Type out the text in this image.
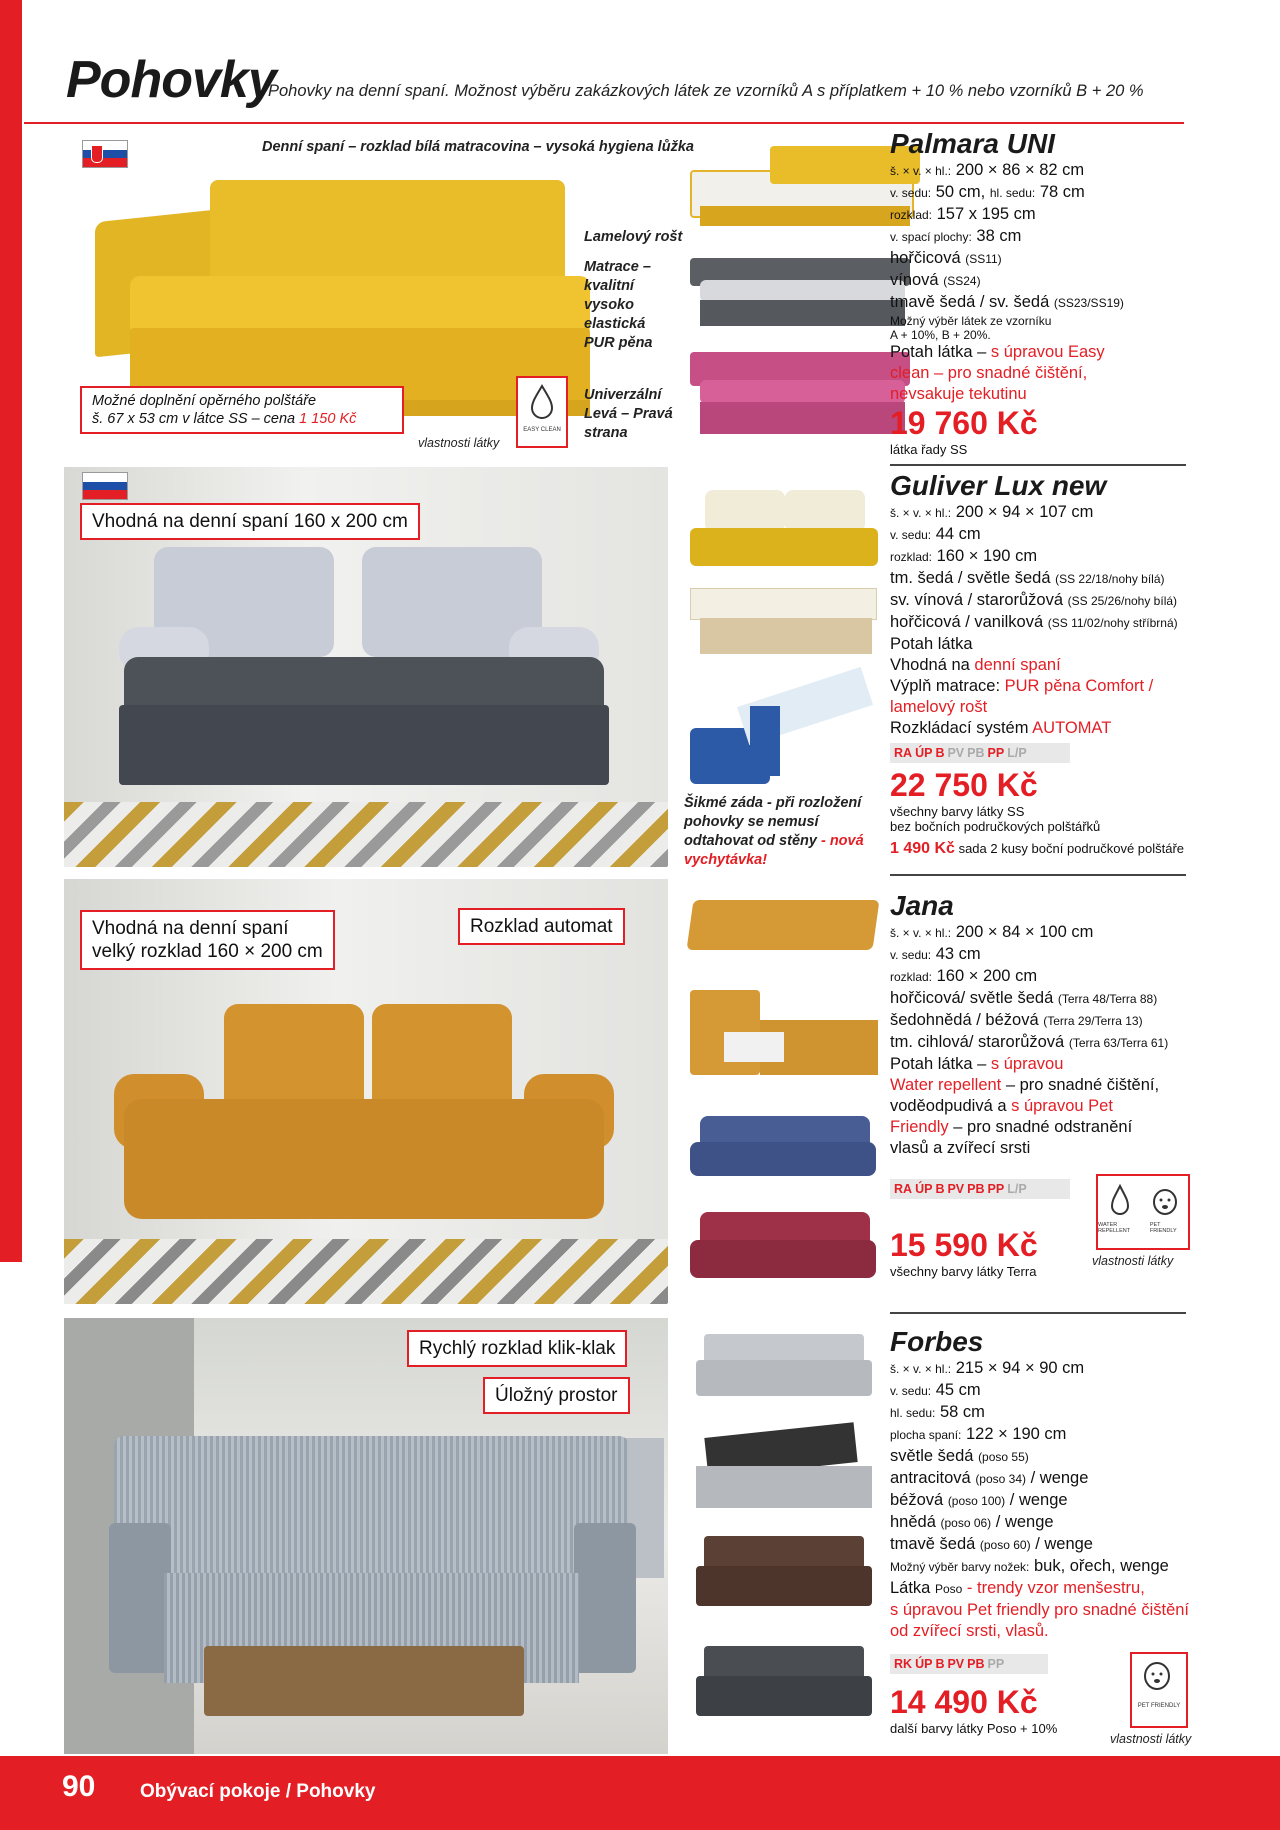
Pohovky
Pohovky na denní spaní. Možnost výběru zakázkových látek ze vzorníků A s příplatkem + 10 % nebo vzorníků B + 20 %
Denní spaní – rozklad bílá matracovina – vysoká hygiena lůžka
Možné doplnění opěrného polštáře
š. 67 x 53 cm v látce SS – cena 1 150 Kč
vlastnosti látky
EASY CLEAN
Lamelový rošt
Matrace – kvalitní vysoko elastická PUR pěna
Univerzální Levá – Pravá strana
Palmara UNI
š. × v. × hl.: 200 × 86 × 82 cm
v. sedu: 50 cm, hl. sedu: 78 cm
rozklad: 157 x 195 cm
v. spací plochy: 38 cm
hořčicová (SS11)
vínová (SS24)
tmavě šedá / sv. šedá (SS23/SS19)
Možný výběr látek ze vzorníku
A + 10%, B + 20%.
Potah látka – s úpravou Easy
clean – pro snadné čištění,
nevsakuje tekutinu
19 760 Kč
látka řady SS
Vhodná na denní spaní 160 x 200 cm
Šikmé záda - při rozložení pohovky se nemusí odtahovat od stěny - nová vychytávka!
Guliver Lux new
š. × v. × hl.: 200 × 94 × 107 cm
v. sedu: 44 cm
rozklad: 160 × 190 cm
tm. šedá / světle šedá (SS 22/18/nohy bílá)
sv. vínová / starorůžová (SS 25/26/nohy bílá)
hořčicová / vanilková (SS 11/02/nohy stříbrná)
Potah látka
Vhodná na denní spaní
Výplň matrace: PUR pěna Comfort /
lamelový rošt
Rozkládací systém AUTOMAT
RA ÚP B PV PB PP L/P
22 750 Kč
všechny barvy látky SS
bez bočních područkových polštářků
1 490 Kč sada 2 kusy boční područkové polštáře
Vhodná na denní spaní
velký rozklad 160 × 200 cm
Rozklad automat
Jana
š. × v. × hl.: 200 × 84 × 100 cm
v. sedu: 43 cm
rozklad: 160 × 200 cm
hořčicová/ světle šedá (Terra 48/Terra 88)
šedohnědá / béžová (Terra 29/Terra 13)
tm. cihlová/ starorůžová (Terra 63/Terra 61)
Potah látka – s úpravou
Water repellent – pro snadné čištění,
voděodpudivá a s úpravou Pet
Friendly – pro snadné odstranění
vlasů a zvířecí srsti
RA ÚP B PV PB PP L/P
15 590 Kč
všechny barvy látky Terra
WATER REPELLENT
PET FRIENDLY
vlastnosti látky
Rychlý rozklad klik-klak
Úložný prostor
Forbes
š. × v. × hl.: 215 × 94 × 90 cm
v. sedu: 45 cm
hl. sedu: 58 cm
plocha spaní: 122 × 190 cm
světle šedá (poso 55)
antracitová (poso 34) / wenge
béžová (poso 100) / wenge
hnědá (poso 06) / wenge
tmavě šedá (poso 60) / wenge
Možný výběr barvy nožek: buk, ořech, wenge
Látka Poso - trendy vzor menšestru,
s úpravou Pet friendly pro snadné čištění
od zvířecí srsti, vlasů.
RK ÚP B PV PB PP
14 490 Kč
další barvy látky Poso + 10%
PET FRIENDLY
vlastnosti látky
90 Obývací pokoje / Pohovky
